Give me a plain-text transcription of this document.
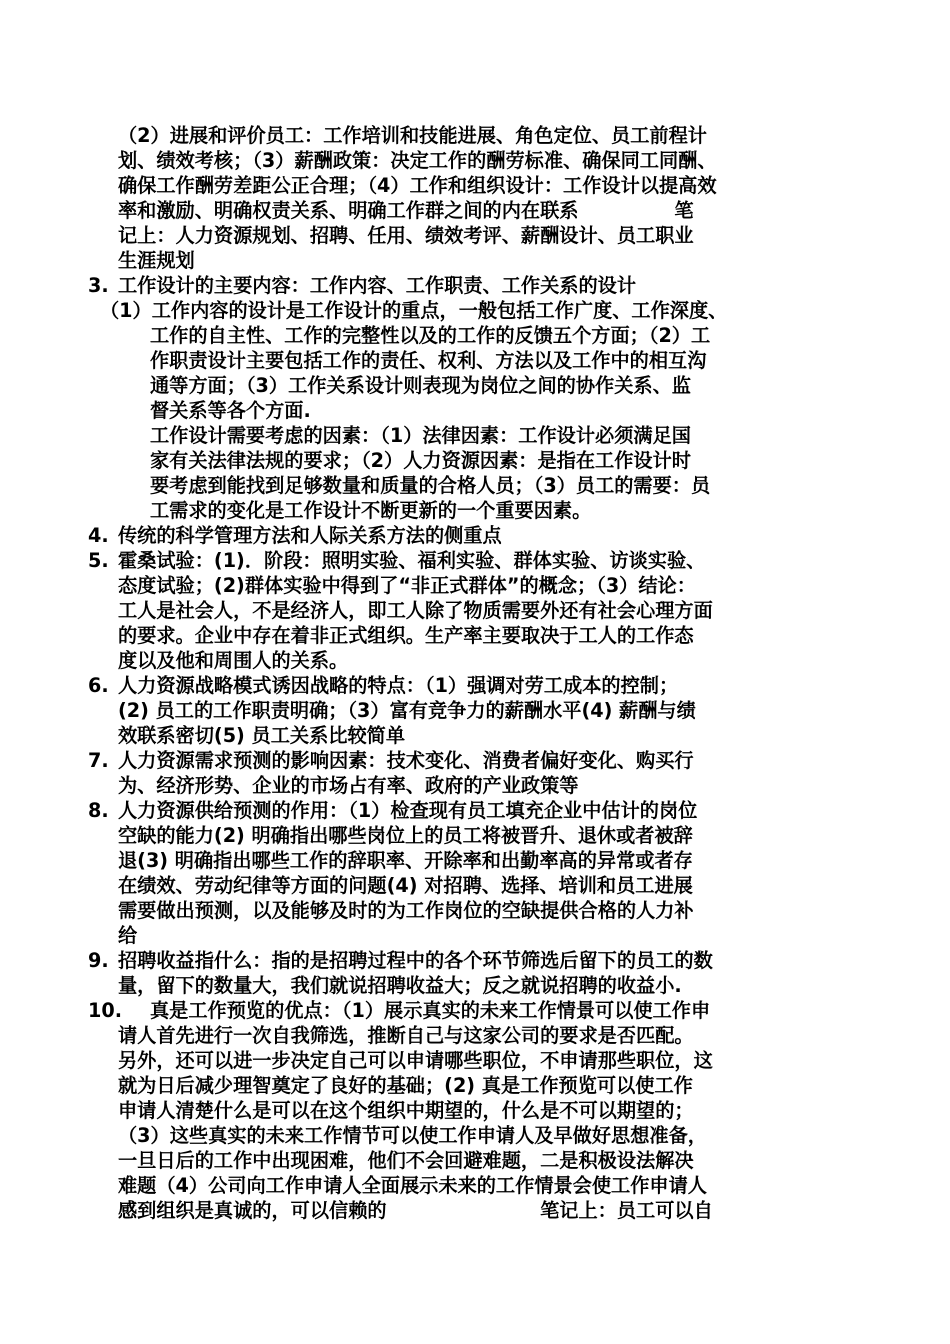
（2）进展和评价员工：工作培训和技能进展、角色定位、员工前程计
划、绩效考核；（3）薪酬政策：决定工作的酬劳标准、确保同工同酬、
确保工作酬劳差距公正合理；（4）工作和组织设计：工作设计以提高效
率和激励、明确权责关系、明确工作群之间的内在联系　　　　　笔
记上：人力资源规划、招聘、任用、绩效考评、薪酬设计、员工职业
生涯规划
3. 工作设计的主要内容：工作内容、工作职责、工作关系的设计
（1）工作内容的设计是工作设计的重点，一般包括工作广度、工作深度、
工作的自主性、工作的完整性以及的工作的反馈五个方面；（2）工
作职责设计主要包括工作的责任、权利、方法以及工作中的相互沟
通等方面；（3）工作关系设计则表现为岗位之间的协作关系、监
督关系等各个方面.
工作设计需要考虑的因素：（1）法律因素：工作设计必须满足国
家有关法律法规的要求；（2）人力资源因素：是指在工作设计时
要考虑到能找到足够数量和质量的合格人员；（3）员工的需要：员
工需求的变化是工作设计不断更新的一个重要因素。
4. 传统的科学管理方法和人际关系方法的侧重点
5. 霍桑试验：(1)．阶段：照明实验、福利实验、群体实验、访谈实验、
态度试验；(2)群体实验中得到了“非正式群体”的概念；（3）结论：
工人是社会人，不是经济人，即工人除了物质需要外还有社会心理方面
的要求。企业中存在着非正式组织。生产率主要取决于工人的工作态
度以及他和周围人的关系。
6. 人力资源战略模式诱因战略的特点：（1）强调对劳工成本的控制；
(2) 员工的工作职责明确；（3）富有竞争力的薪酬水平(4) 薪酬与绩
效联系密切(5) 员工关系比较简单
7. 人力资源需求预测的影响因素：技术变化、消费者偏好变化、购买行
为、经济形势、企业的市场占有率、政府的产业政策等
8. 人力资源供给预测的作用：（1）检查现有员工填充企业中估计的岗位
空缺的能力(2) 明确指出哪些岗位上的员工将被晋升、退休或者被辞
退(3) 明确指出哪些工作的辞职率、开除率和出勤率高的异常或者存
在绩效、劳动纪律等方面的问题(4) 对招聘、选择、培训和员工进展
需要做出预测，以及能够及时的为工作岗位的空缺提供合格的人力补
给
9. 招聘收益指什么：指的是招聘过程中的各个环节筛选后留下的员工的数
量，留下的数量大，我们就说招聘收益大；反之就说招聘的收益小.
10. 真是工作预览的优点：（1）展示真实的未来工作情景可以使工作申
请人首先进行一次自我筛选，推断自己与这家公司的要求是否匹配。
另外，还可以进一步决定自己可以申请哪些职位，不申请那些职位，这
就为日后减少理智奠定了良好的基础；(2) 真是工作预览可以使工作
申请人清楚什么是可以在这个组织中期望的，什么是不可以期望的；
（3）这些真实的未来工作情节可以使工作申请人及早做好思想准备，
一旦日后的工作中出现困难，他们不会回避难题，二是积极设法解决
难题（4）公司向工作申请人全面展示未来的工作情景会使工作申请人
感到组织是真诚的，可以信赖的　　　　　　　　笔记上：员工可以自
